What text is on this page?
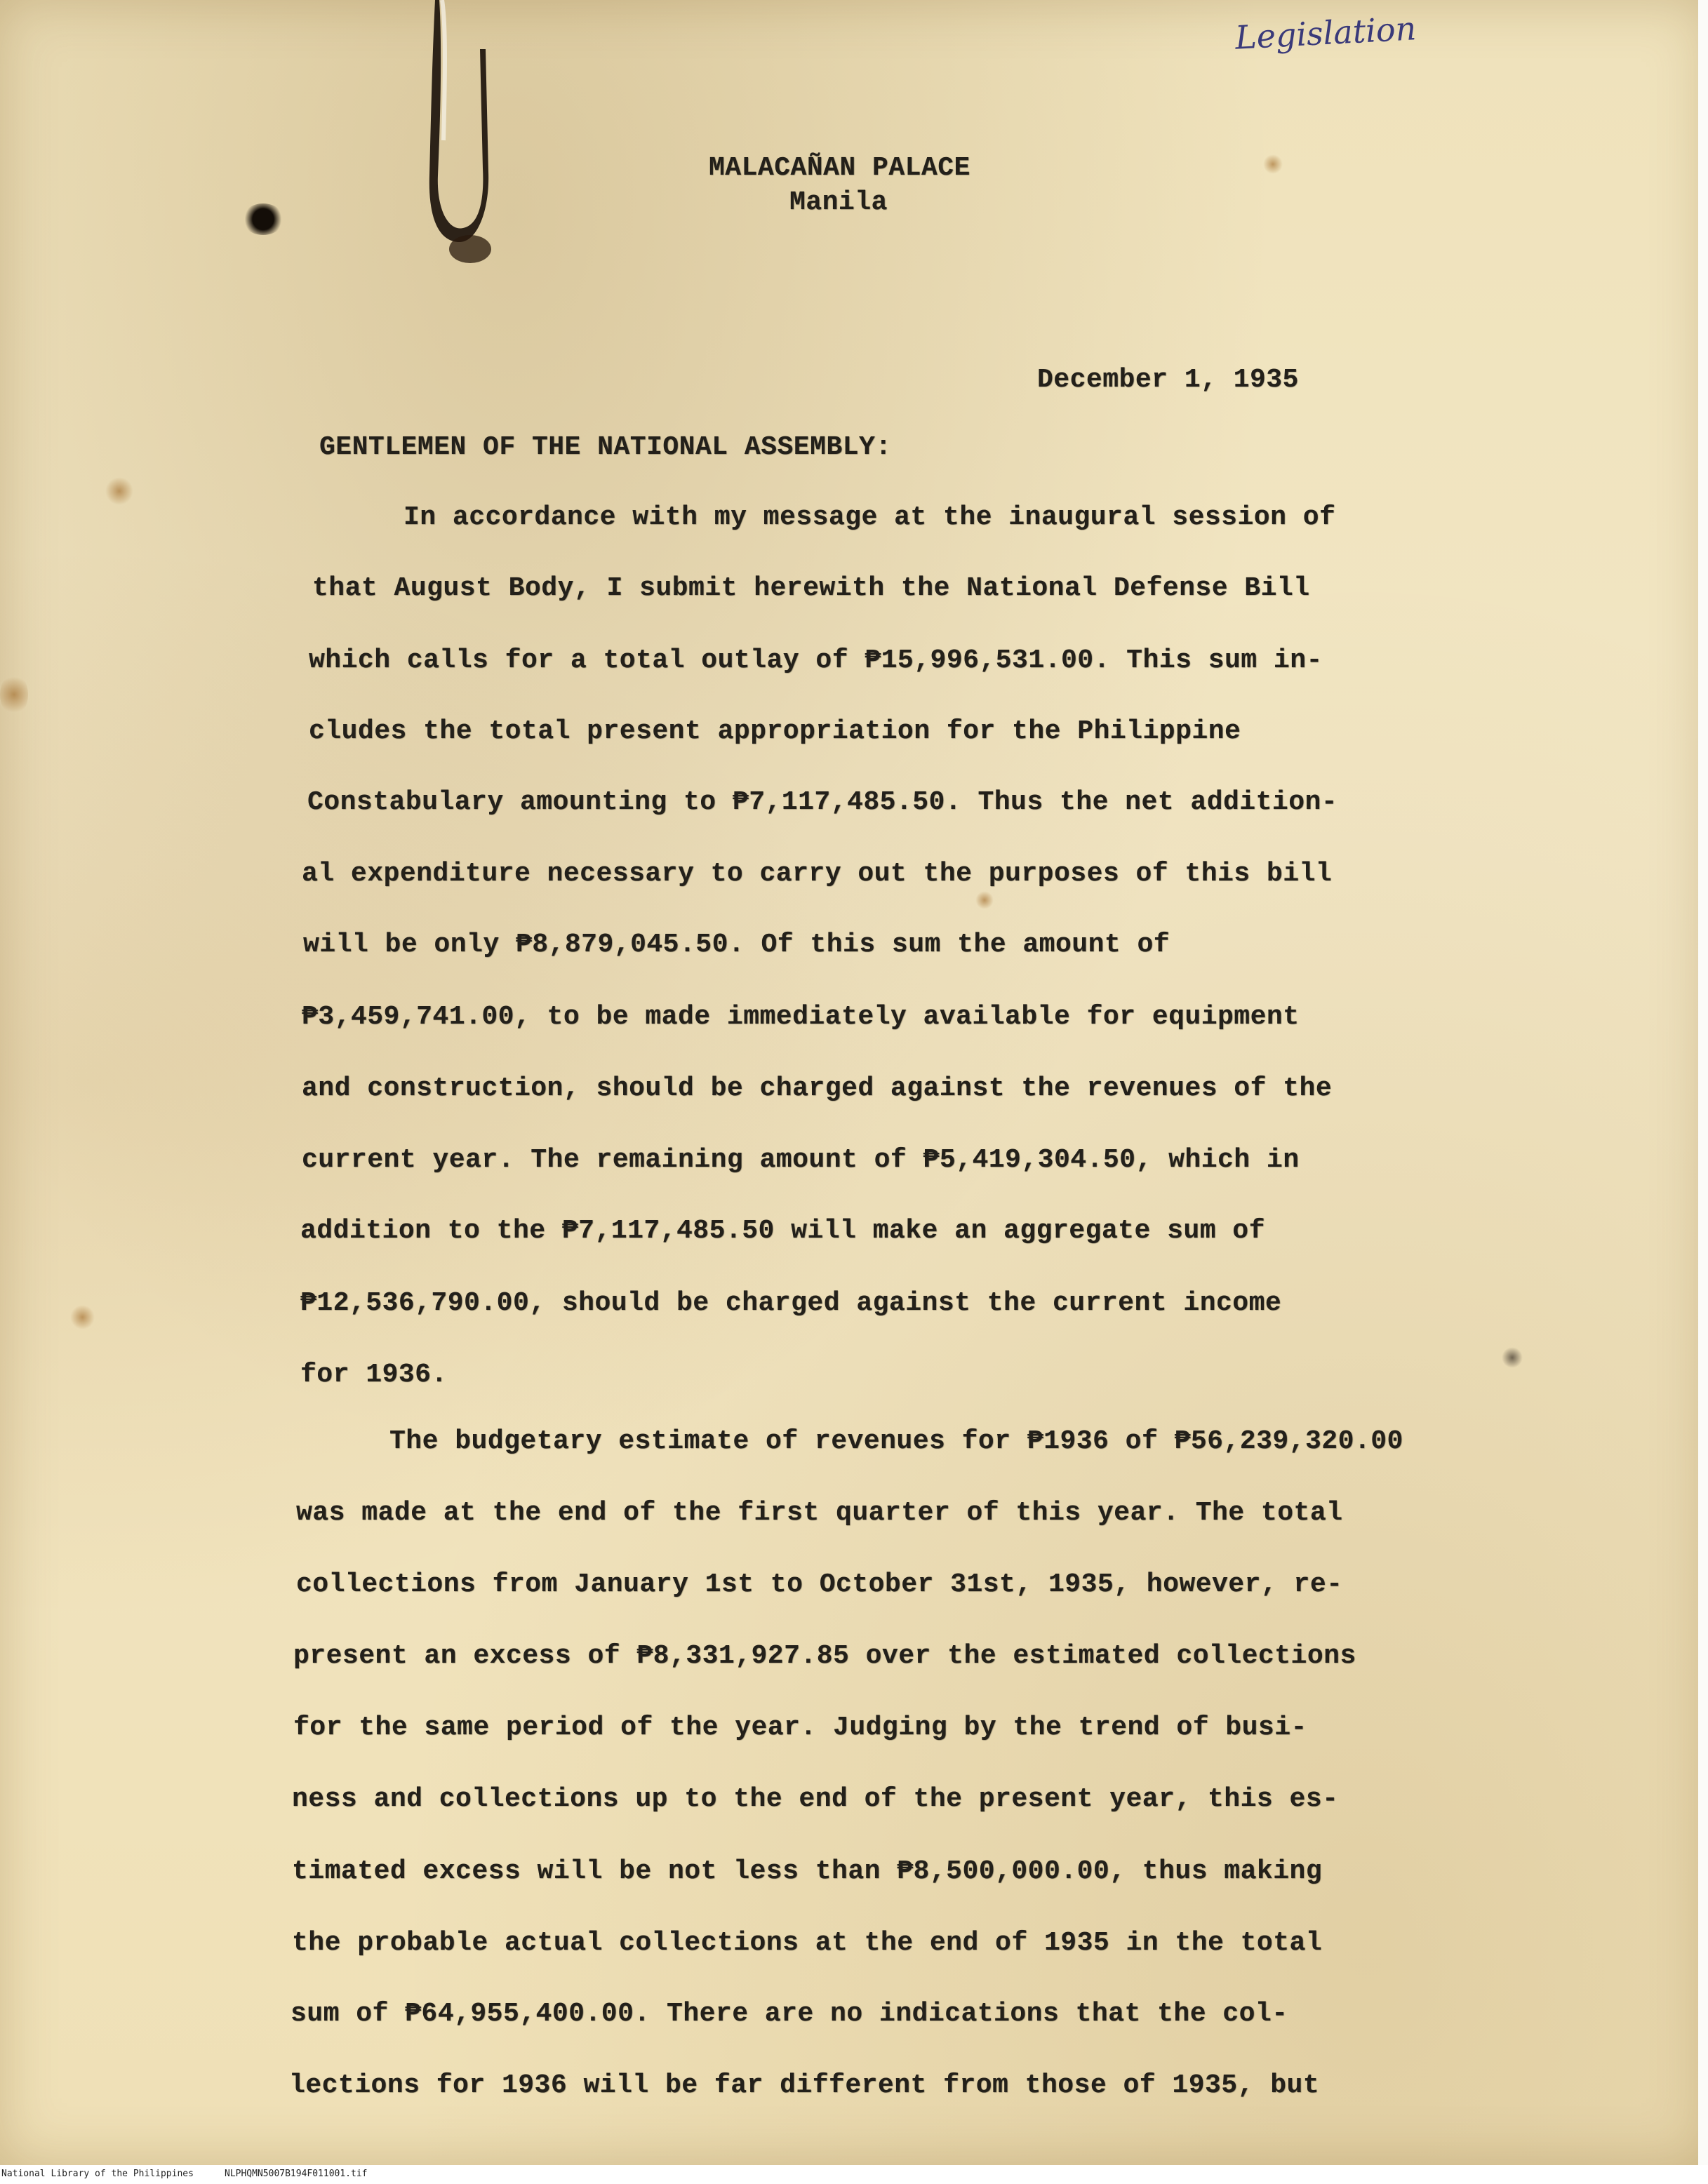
Legislation
MALACAÑAN PALACE
Manila
December 1, 1935
GENTLEMEN OF THE NATIONAL ASSEMBLY:
In accordance with my message at the inaugural session of
that August Body, I submit herewith the National Defense Bill
which calls for a total outlay of ₱15,996,531.00. This sum in-
cludes the total present appropriation for the Philippine
Constabulary amounting to ₱7,117,485.50. Thus the net addition-
al expenditure necessary to carry out the purposes of this bill
will be only ₱8,879,045.50. Of this sum the amount of
₱3,459,741.00, to be made immediately available for equipment
and construction, should be charged against the revenues of the
current year. The remaining amount of ₱5,419,304.50, which in
addition to the ₱7,117,485.50 will make an aggregate sum of
₱12,536,790.00, should be charged against the current income
for 1936.
The budgetary estimate of revenues for ₱1936 of ₱56,239,320.00
was made at the end of the first quarter of this year. The total
collections from January 1st to October 31st, 1935, however, re-
present an excess of ₱8,331,927.85 over the estimated collections
for the same period of the year. Judging by the trend of busi-
ness and collections up to the end of the present year, this es-
timated excess will be not less than ₱8,500,000.00, thus making
the probable actual collections at the end of 1935 in the total
sum of ₱64,955,400.00. There are no indications that the col-
lections for 1936 will be far different from those of 1935, but
National Library of the Philippines	NLPHQMN5007B194F011001.tif
